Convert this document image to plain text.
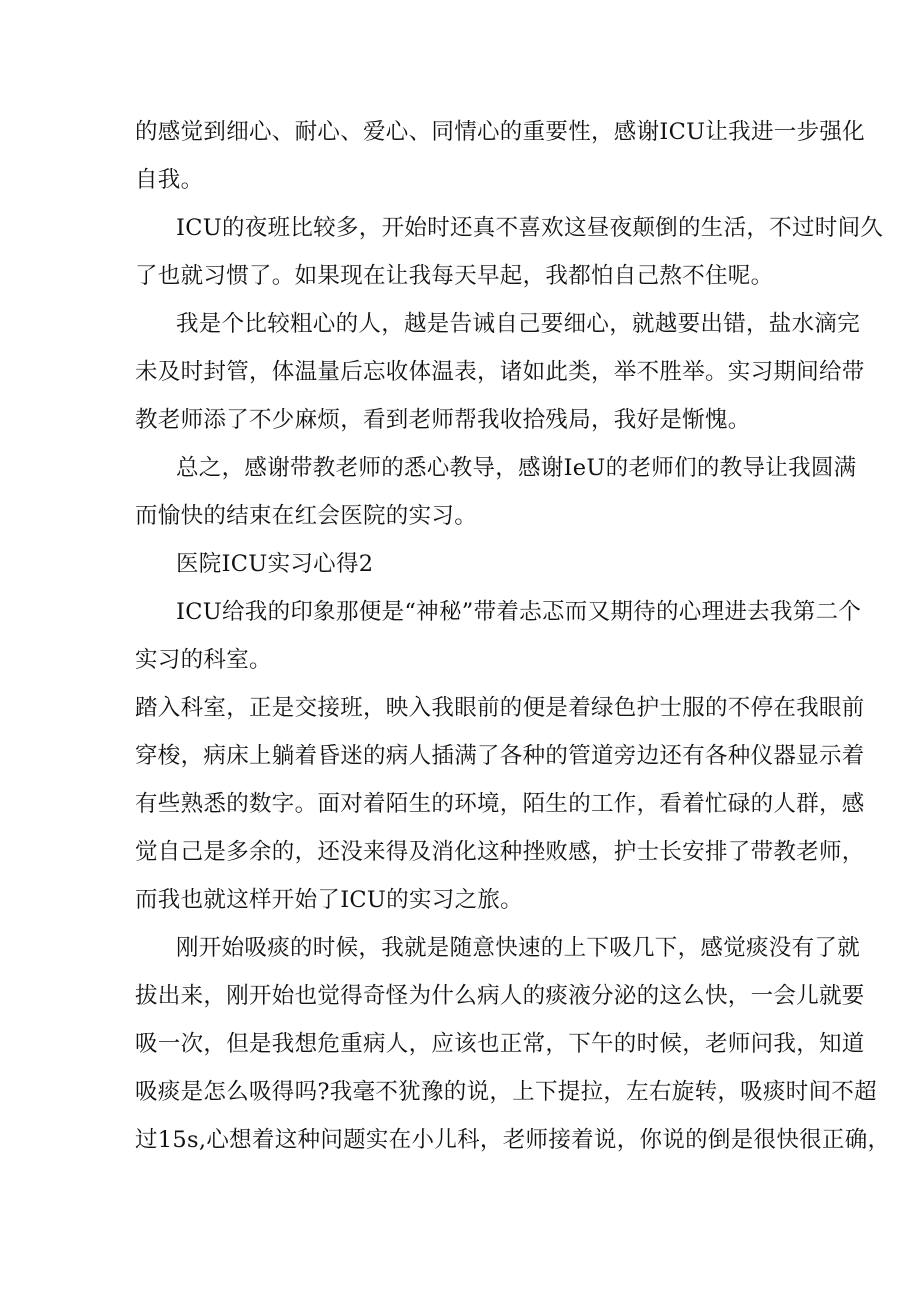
的感觉到细心、耐心、爱心、同情心的重要性，感谢ICU让我进一步强化
自我。
ICU的夜班比较多，开始时还真不喜欢这昼夜颠倒的生活，不过时间久
了也就习惯了。如果现在让我每天早起，我都怕自己熬不住呢。
我是个比较粗心的人，越是告诫自己要细心，就越要出错，盐水滴完
未及时封管，体温量后忘收体温表，诸如此类，举不胜举。实习期间给带
教老师添了不少麻烦，看到老师帮我收拾残局，我好是惭愧。
总之，感谢带教老师的悉心教导，感谢IeU的老师们的教导让我圆满
而愉快的结束在红会医院的实习。
医院ICU实习心得2
ICU给我的印象那便是“神秘”带着忐忑而又期待的心理进去我第二个
实习的科室。
踏入科室，正是交接班，映入我眼前的便是着绿色护士服的不停在我眼前
穿梭，病床上躺着昏迷的病人插满了各种的管道旁边还有各种仪器显示着
有些熟悉的数字。面对着陌生的环境，陌生的工作，看着忙碌的人群，感
觉自己是多余的，还没来得及消化这种挫败感，护士长安排了带教老师，
而我也就这样开始了ICU的实习之旅。
刚开始吸痰的时候，我就是随意快速的上下吸几下，感觉痰没有了就
拔出来，刚开始也觉得奇怪为什么病人的痰液分泌的这么快，一会儿就要
吸一次，但是我想危重病人，应该也正常，下午的时候，老师问我，知道
吸痰是怎么吸得吗?我毫不犹豫的说，上下提拉，左右旋转，吸痰时间不超
过15s,心想着这种问题实在小儿科，老师接着说，你说的倒是很快很正确，
